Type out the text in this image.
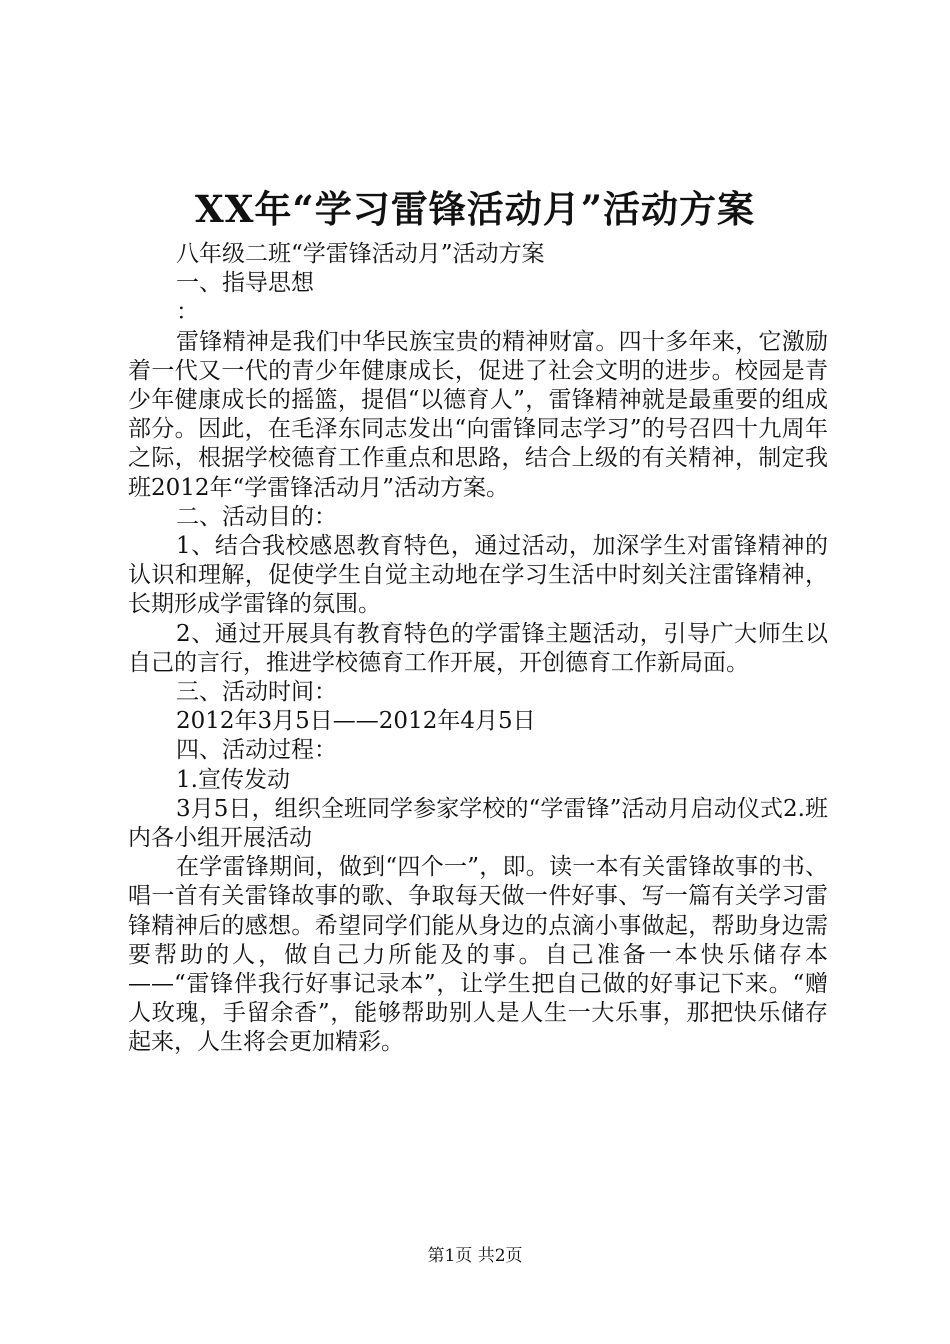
XX年“学习雷锋活动月”活动方案

八年级二班“学雷锋活动月”活动方案

一、指导思想

：

雷锋精神是我们中华民族宝贵的精神财富。四十多年来，它激励着一代又一代的青少年健康成长，促进了社会文明的进步。校园是青少年健康成长的摇篮，提倡“以德育人”，雷锋精神就是最重要的组成部分。因此，在毛泽东同志发出“向雷锋同志学习”的号召四十九周年之际，根据学校德育工作重点和思路，结合上级的有关精神，制定我班2012年“学雷锋活动月”活动方案。

二、活动目的：

1、结合我校感恩教育特色，通过活动，加深学生对雷锋精神的认识和理解，促使学生自觉主动地在学习生活中时刻关注雷锋精神，长期形成学雷锋的氛围。

2、通过开展具有教育特色的学雷锋主题活动，引导广大师生以自己的言行，推进学校德育工作开展，开创德育工作新局面。

三、活动时间：

2012年3月5日——2012年4月5日

四、活动过程：

1.宣传发动

3月5日，组织全班同学参家学校的“学雷锋”活动月启动仪式2.班内各小组开展活动

在学雷锋期间，做到“四个一”，即。读一本有关雷锋故事的书、唱一首有关雷锋故事的歌、争取每天做一件好事、写一篇有关学习雷锋精神后的感想。希望同学们能从身边的点滴小事做起，帮助身边需要帮助的人，做自己力所能及的事。自己准备一本快乐储存本——“雷锋伴我行好事记录本”，让学生把自己做的好事记下来。“赠人玫瑰，手留余香”，能够帮助别人是人生一大乐事，那把快乐储存起来，人生将会更加精彩。

第1页 共2页
